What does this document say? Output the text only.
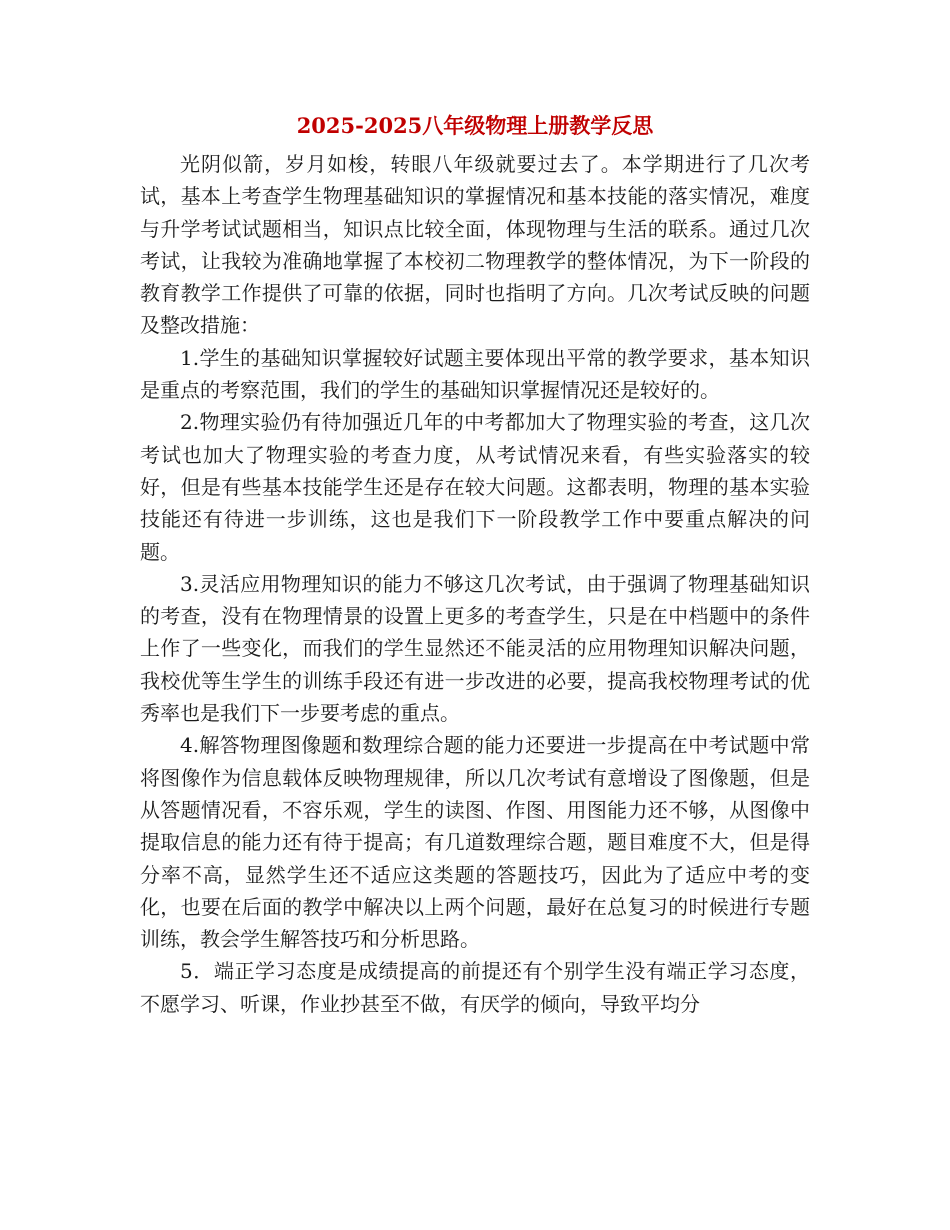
2025-2025八年级物理上册教学反思

光阴似箭，岁月如梭，转眼八年级就要过去了。本学期进行了几次考试，基本上考查学生物理基础知识的掌握情况和基本技能的落实情况，难度与升学考试试题相当，知识点比较全面，体现物理与生活的联系。通过几次考试，让我较为准确地掌握了本校初二物理教学的整体情况，为下一阶段的教育教学工作提供了可靠的依据，同时也指明了方向。几次考试反映的问题及整改措施：

1.学生的基础知识掌握较好试题主要体现出平常的教学要求，基本知识是重点的考察范围，我们的学生的基础知识掌握情况还是较好的。

2.物理实验仍有待加强近几年的中考都加大了物理实验的考查，这几次考试也加大了物理实验的考查力度，从考试情况来看，有些实验落实的较好，但是有些基本技能学生还是存在较大问题。这都表明，物理的基本实验技能还有待进一步训练，这也是我们下一阶段教学工作中要重点解决的问题。

3.灵活应用物理知识的能力不够这几次考试，由于强调了物理基础知识的考查，没有在物理情景的设置上更多的考查学生，只是在中档题中的条件上作了一些变化，而我们的学生显然还不能灵活的应用物理知识解决问题，我校优等生学生的训练手段还有进一步改进的必要，提高我校物理考试的优秀率也是我们下一步要考虑的重点。

4.解答物理图像题和数理综合题的能力还要进一步提高在中考试题中常将图像作为信息载体反映物理规律，所以几次考试有意增设了图像题，但是从答题情况看，不容乐观，学生的读图、作图、用图能力还不够，从图像中提取信息的能力还有待于提高；有几道数理综合题，题目难度不大，但是得分率不高，显然学生还不适应这类题的答题技巧，因此为了适应中考的变化，也要在后面的教学中解决以上两个问题，最好在总复习的时候进行专题训练，教会学生解答技巧和分析思路。

5．端正学习态度是成绩提高的前提还有个别学生没有端正学习态度，不愿学习、听课，作业抄甚至不做，有厌学的倾向，导致平均分
